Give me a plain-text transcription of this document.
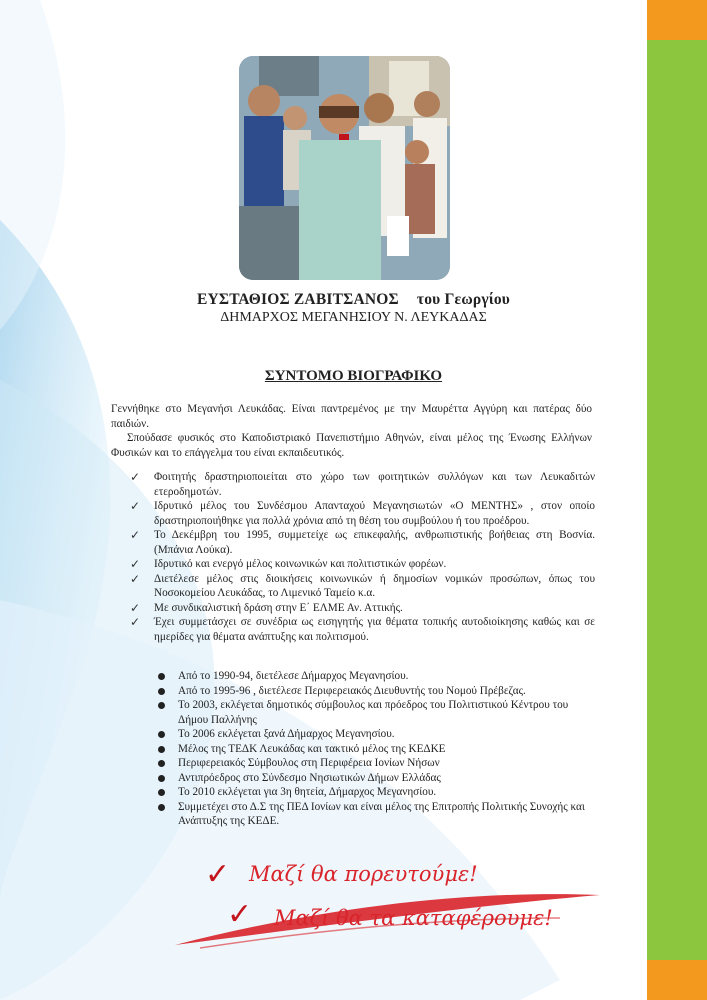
ΕΥΣΤΑΘΙΟΣ ΖΑΒΙΤΣΑΝΟΣ του Γεωργίου
ΔΗΜΑΡΧΟΣ ΜΕΓΑΝΗΣΙΟΥ Ν. ΛΕΥΚΑΔΑΣ
ΣΥΝΤΟΜΟ ΒΙΟΓΡΑΦΙΚΟ

Γεννήθηκε στο Μεγανήσι Λευκάδας. Είναι παντρεμένος με την Μαυρέττα Αγγύρη και πατέρας δύο παιδιών.

Σπούδασε φυσικός στο Καποδιστριακό Πανεπιστήμιο Αθηνών, είναι μέλος της Ένωσης Ελλήνων Φυσικών και το επάγγελμα του είναι εκπαιδευτικός.

✓	Φοιτητής δραστηριοποιείται στο χώρο των φοιτητικών συλλόγων και των Λευκαδιτών ετεροδημοτών.
✓	Ιδρυτικό μέλος του Συνδέσμου Απανταχού Μεγανησιωτών «Ο ΜΕΝΤΗΣ» , στον οποίο δραστηριοποιήθηκε για πολλά χρόνια από τη θέση του συμβούλου ή του προέδρου.
✓	Το Δεκέμβρη του 1995, συμμετείχε ως επικεφαλής, ανθρωπιστικής βοήθειας στη Βοσνία. (Μπάνια Λούκα).
✓	Ιδρυτικό και ενεργό μέλος κοινωνικών και πολιτιστικών φορέων.
✓	Διετέλεσε μέλος στις διοικήσεις κοινωνικών ή δημοσίων νομικών προσώπων, όπως του Νοσοκομείου Λευκάδας, το Λιμενικό Ταμείο κ.α.
✓	Με συνδικαλιστική δράση στην Ε΄ ΕΛΜΕ Αν. Αττικής.
✓	Έχει συμμετάσχει σε συνέδρια ως εισηγητής για θέματα τοπικής αυτοδιοίκησης καθώς και σε ημερίδες για θέματα ανάπτυξης και πολιτισμού.
Από το 1990-94, διετέλεσε Δήμαρχος Μεγανησίου.
Από το 1995-96 , διετέλεσε Περιφερειακός Διευθυντής του Νομού Πρέβεζας.
Το 2003, εκλέγεται δημοτικός σύμβουλος και πρόεδρος του Πολιτιστικού Κέντρου του Δήμου Παλλήνης
Το 2006 εκλέγεται ξανά Δήμαρχος Μεγανησίου.
Μέλος της ΤΕΔΚ Λευκάδας και τακτικό μέλος της ΚΕΔΚΕ
Περιφερειακός Σύμβουλος στη Περιφέρεια Ιονίων Νήσων
Αντιπρόεδρος στο Σύνδεσμο Νησιωτικών Δήμων Ελλάδας
Το 2010 εκλέγεται για 3η θητεία, Δήμαρχος Μεγανησίου.
Συμμετέχει στο Δ.Σ της ΠΕΔ Ιονίων και είναι μέλος της Επιτροπής Πολιτικής Συνοχής και Ανάπτυξης της ΚΕΔΕ.
✓ Μαζί θα πορευτούμε!
✓ Μαζί θα τα καταφέρουμε!
